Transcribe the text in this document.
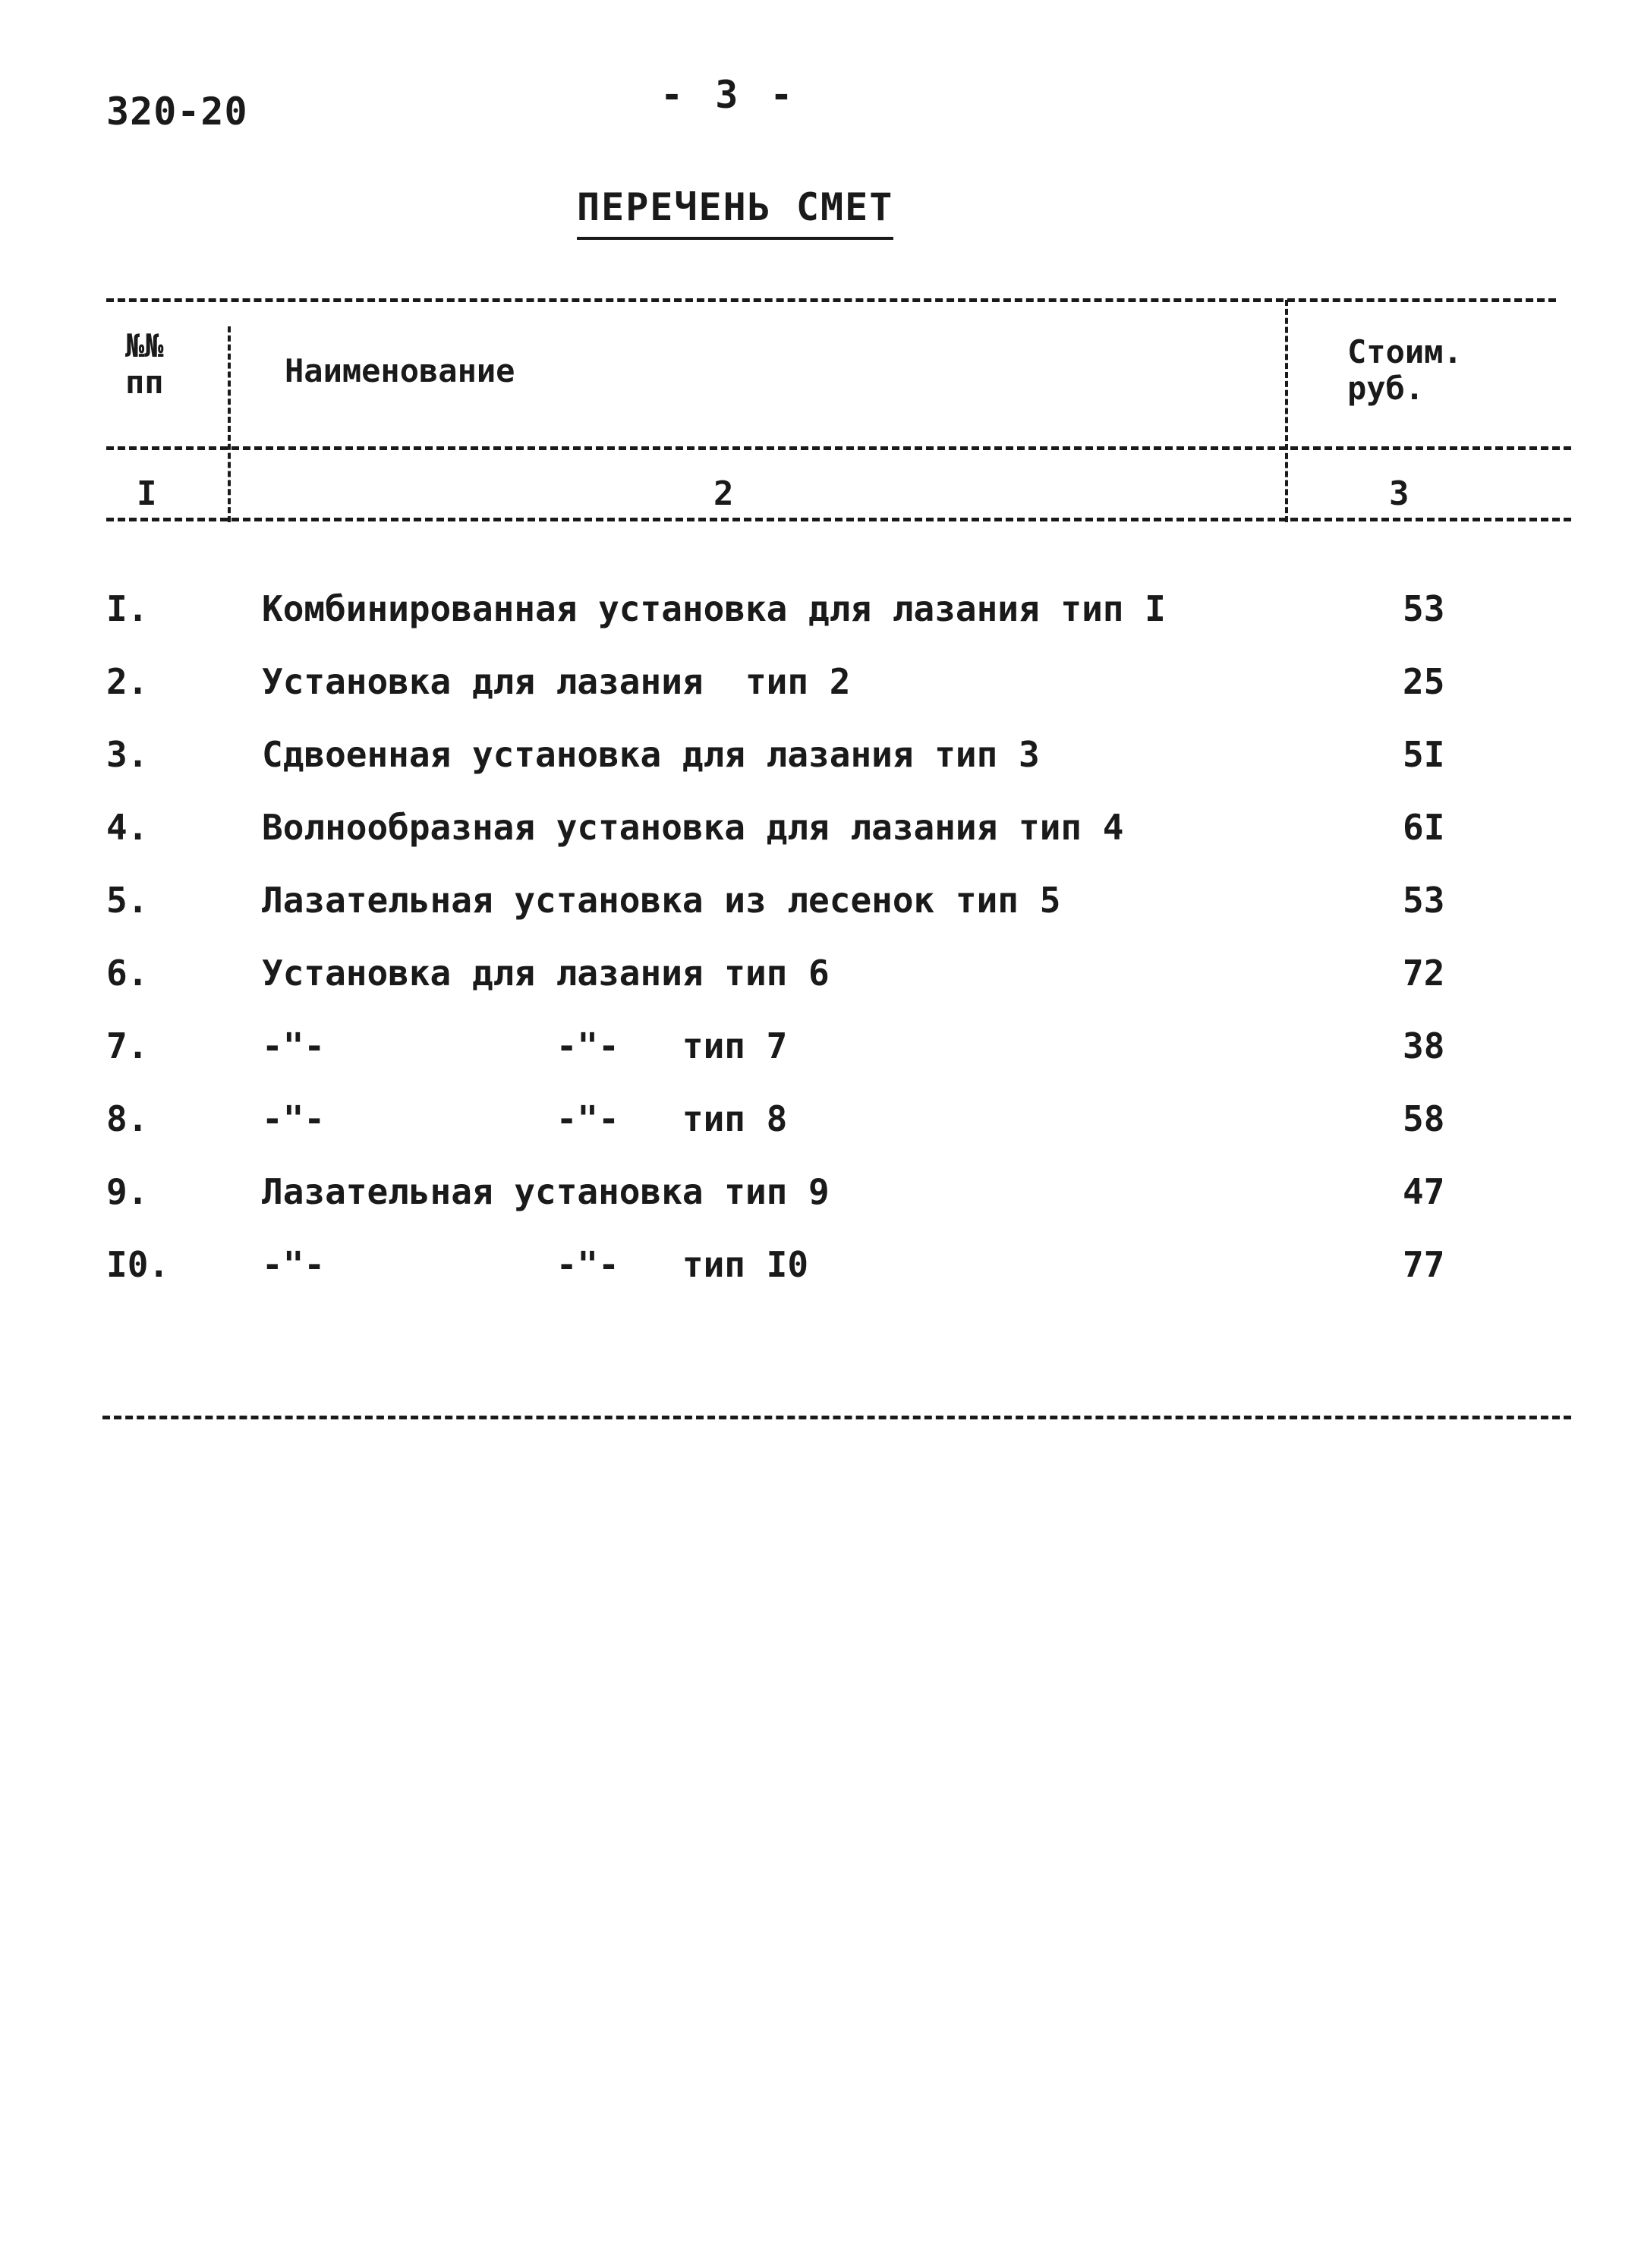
320-20	- 3 -
ПЕРЕЧЕНЬ СМЕТ
№№
пп	Наименование
Стоим.
руб.
I	2	3
I.	Комбинированная установка для лазания тип I	53
2.	Установка для лазания  тип 2	25
3.	Сдвоенная установка для лазания тип 3	5I
4.	Волнообразная установка для лазания тип 4	6I
5.	Лазательная установка из лесенок тип 5	53
6.	Установка для лазания тип 6	72
7.	-"-           -"-   тип 7	38
8.	-"-           -"-   тип 8	58
9.	Лазательная установка тип 9	47
I0.	-"-           -"-   тип I0	77
